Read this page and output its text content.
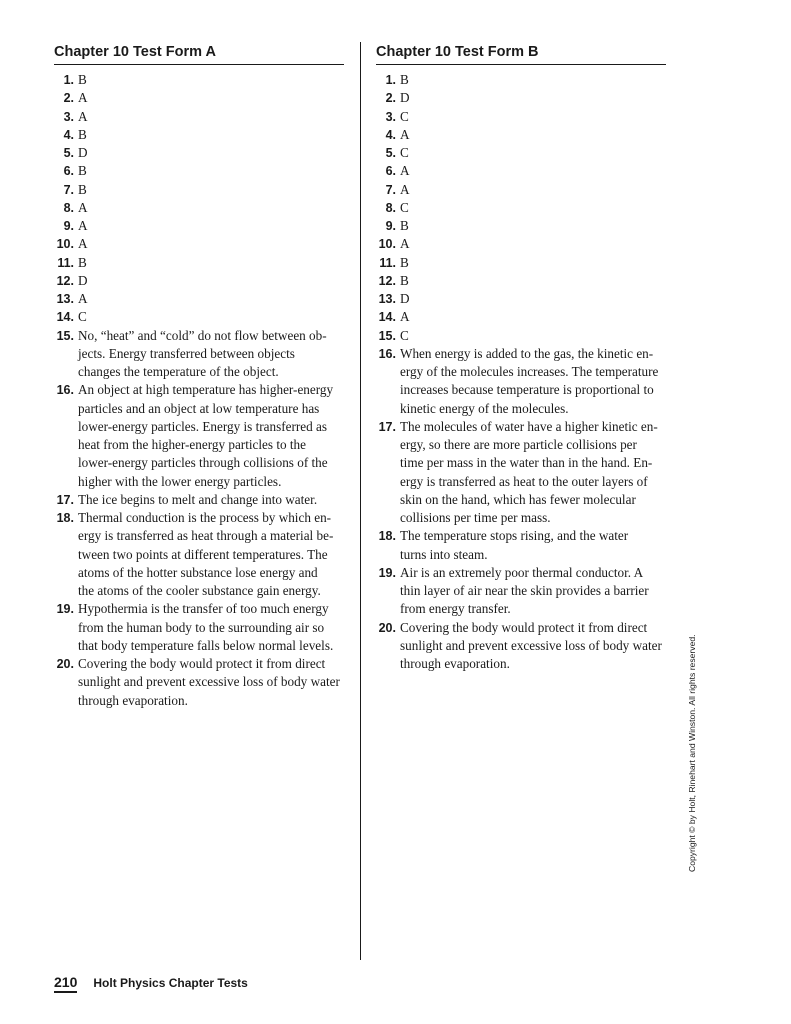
Chapter 10 Test Form A
1. B
2. A
3. A
4. B
5. D
6. B
7. B
8. A
9. A
10. A
11. B
12. D
13. A
14. C
15. No, “heat” and “cold” do not flow between ob-
jects. Energy transferred between objects
changes the temperature of the object.
16. An object at high temperature has higher-energy
particles and an object at low temperature has
lower-energy particles. Energy is transferred as
heat from the higher-energy particles to the
lower-energy particles through collisions of the
higher with the lower energy particles.
17. The ice begins to melt and change into water.
18. Thermal conduction is the process by which en-
ergy is transferred as heat through a material be-
tween two points at different temperatures. The
atoms of the hotter substance lose energy and
the atoms of the cooler substance gain energy.
19. Hypothermia is the transfer of too much energy
from the human body to the surrounding air so
that body temperature falls below normal levels.
20. Covering the body would protect it from direct
sunlight and prevent excessive loss of body water
through evaporation.
Chapter 10 Test Form B
1. B
2. D
3. C
4. A
5. C
6. A
7. A
8. C
9. B
10. A
11. B
12. B
13. D
14. A
15. C
16. When energy is added to the gas, the kinetic en-
ergy of the molecules increases. The temperature
increases because temperature is proportional to
kinetic energy of the molecules.
17. The molecules of water have a higher kinetic en-
ergy, so there are more particle collisions per
time per mass in the water than in the hand. En-
ergy is transferred as heat to the outer layers of
skin on the hand, which has fewer molecular
collisions per time per mass.
18. The temperature stops rising, and the water
turns into steam.
19. Air is an extremely poor thermal conductor. A
thin layer of air near the skin provides a barrier
from energy transfer.
20. Covering the body would protect it from direct
sunlight and prevent excessive loss of body water
through evaporation.	Copyright © by Holt, Rinehart and Winston. All rights reserved.
210 Holt Physics Chapter Tests
